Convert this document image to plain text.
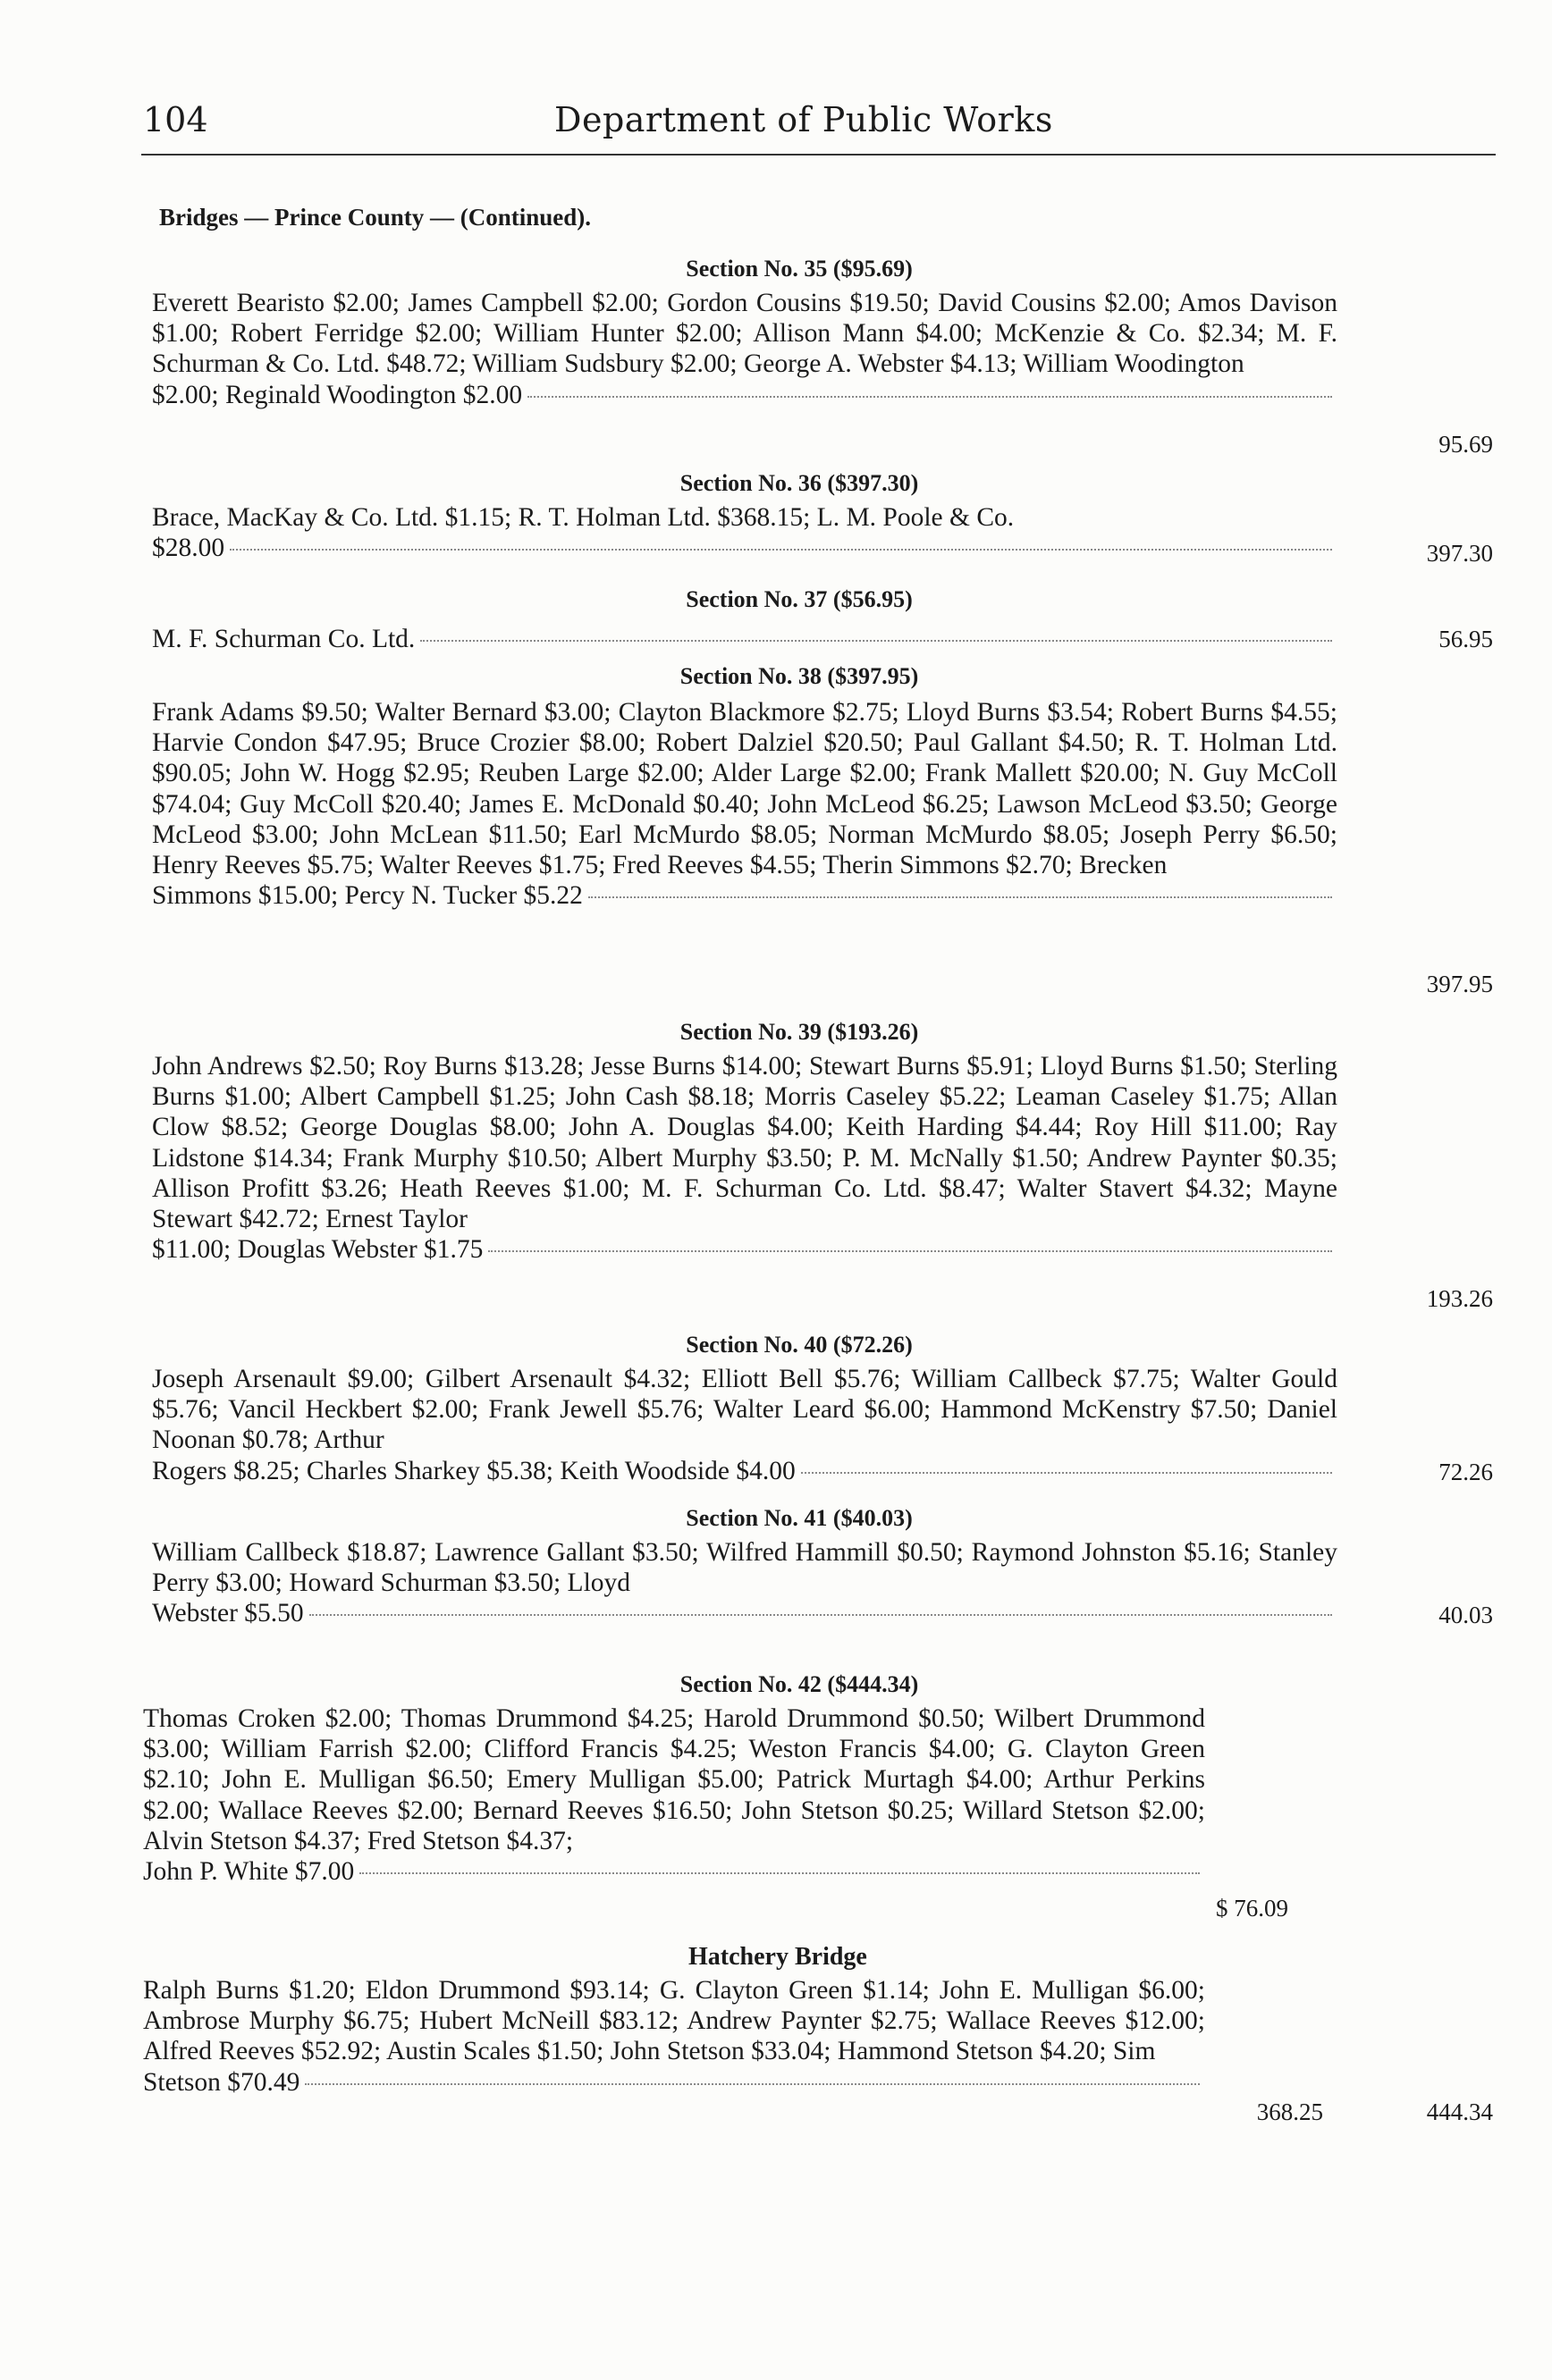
104	Department of Public Works
Bridges — Prince County — (Continued).
Section No. 35 ($95.69)
Everett Bearisto $2.00; James Campbell $2.00; Gordon Cousins $19.50; David Cousins $2.00; Amos Davison $1.00; Robert Ferridge $2.00; William Hunter $2.00; Allison Mann $4.00; McKenzie & Co. $2.34; M. F. Schurman & Co. Ltd. $48.72; William Sudsbury $2.00; George A. Webster $4.13; William Woodington
$2.00; Reginald Woodington $2.00
95.69
Section No. 36 ($397.30)
Brace, MacKay & Co. Ltd. $1.15; R. T. Holman Ltd. $368.15; L. M. Poole & Co.
$28.00	397.30
Section No. 37 ($56.95)
M. F. Schurman Co. Ltd.	56.95
Section No. 38 ($397.95)
Frank Adams $9.50; Walter Bernard $3.00; Clayton Blackmore $2.75; Lloyd Burns $3.54; Robert Burns $4.55; Harvie Condon $47.95; Bruce Crozier $8.00; Robert Dalziel $20.50; Paul Gallant $4.50; R. T. Holman Ltd. $90.05; John W. Hogg $2.95; Reuben Large $2.00; Alder Large $2.00; Frank Mallett $20.00; N. Guy McColl $74.04; Guy McColl $20.40; James E. McDonald $0.40; John McLeod $6.25; Lawson McLeod $3.50; George McLeod $3.00; John McLean $11.50; Earl McMurdo $8.05; Norman McMurdo $8.05; Joseph Perry $6.50; Henry Reeves $5.75; Walter Reeves $1.75; Fred Reeves $4.55; Therin Simmons $2.70; Brecken
Simmons $15.00; Percy N. Tucker $5.22
397.95
Section No. 39 ($193.26)
John Andrews $2.50; Roy Burns $13.28; Jesse Burns $14.00; Stewart Burns $5.91; Lloyd Burns $1.50; Sterling Burns $1.00; Albert Campbell $1.25; John Cash $8.18; Morris Caseley $5.22; Leaman Caseley $1.75; Allan Clow $8.52; George Douglas $8.00; John A. Douglas $4.00; Keith Harding $4.44; Roy Hill $11.00; Ray Lidstone $14.34; Frank Murphy $10.50; Albert Murphy $3.50; P. M. McNally $1.50; Andrew Paynter $0.35; Allison Profitt $3.26; Heath Reeves $1.00; M. F. Schurman Co. Ltd. $8.47; Walter Stavert $4.32; Mayne Stewart $42.72; Ernest Taylor
$11.00; Douglas Webster $1.75
193.26
Section No. 40 ($72.26)
Joseph Arsenault $9.00; Gilbert Arsenault $4.32; Elliott Bell $5.76; William Callbeck $7.75; Walter Gould $5.76; Vancil Heckbert $2.00; Frank Jewell $5.76; Walter Leard $6.00; Hammond McKenstry $7.50; Daniel Noonan $0.78; Arthur
Rogers $8.25; Charles Sharkey $5.38; Keith Woodside $4.00	72.26
Section No. 41 ($40.03)
William Callbeck $18.87; Lawrence Gallant $3.50; Wilfred Hammill $0.50; Raymond Johnston $5.16; Stanley Perry $3.00; Howard Schurman $3.50; Lloyd
Webster $5.50	40.03
Section No. 42 ($444.34)
Thomas Croken $2.00; Thomas Drummond $4.25; Harold Drummond $0.50; Wilbert Drummond $3.00; William Farrish $2.00; Clifford Francis $4.25; Weston Francis $4.00; G. Clayton Green $2.10; John E. Mulligan $6.50; Emery Mulligan $5.00; Patrick Murtagh $4.00; Arthur Perkins $2.00; Wallace Reeves $2.00; Bernard Reeves $16.50; John Stetson $0.25; Willard Stetson $2.00; Alvin Stetson $4.37; Fred Stetson $4.37;
John P. White $7.00
$ 76.09
Hatchery Bridge
Ralph Burns $1.20; Eldon Drummond $93.14; G. Clayton Green $1.14; John E. Mulligan $6.00; Ambrose Murphy $6.75; Hubert McNeill $83.12; Andrew Paynter $2.75; Wallace Reeves $12.00; Alfred Reeves $52.92; Austin Scales $1.50; John Stetson $33.04; Hammond Stetson $4.20; Sim
Stetson $70.49
368.25	444.34
